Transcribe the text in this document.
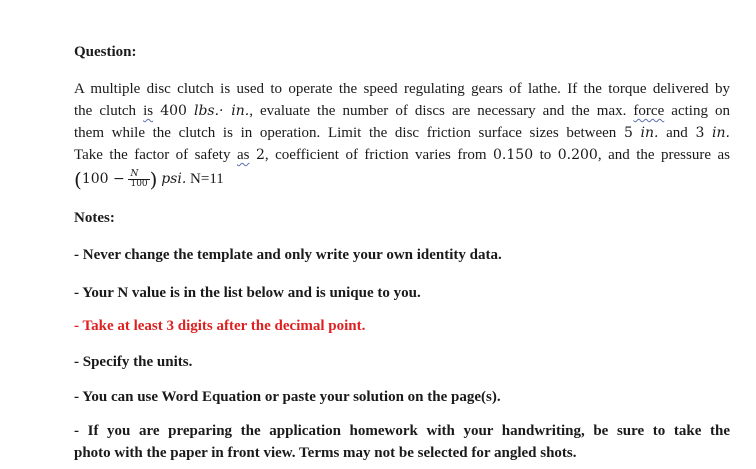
Question:
A multiple disc clutch is used to operate the speed regulating gears of lathe. If the torque delivered by
the clutch is 400 lbs.· in., evaluate the number of discs are necessary and the max. force acting on
them while the clutch is in operation. Limit the disc friction surface sizes between 5 in. and 3 in.
Take the factor of safety as 2, coefficient of friction varies from 0.150 to 0.200, and the pressure as
($100 - \frac{N}{100}$ ) psi. N=11
Notes:
- Never change the template and only write your own identity data.
- Your N value is in the list below and is unique to you.
- Take at least 3 digits after the decimal point.
- Specify the units.
- You can use Word Equation or paste your solution on the page(s).
- If you are preparing the application homework with your handwriting, be sure to take the
photo with the paper in front view. Terms may not be selected for angled shots.
